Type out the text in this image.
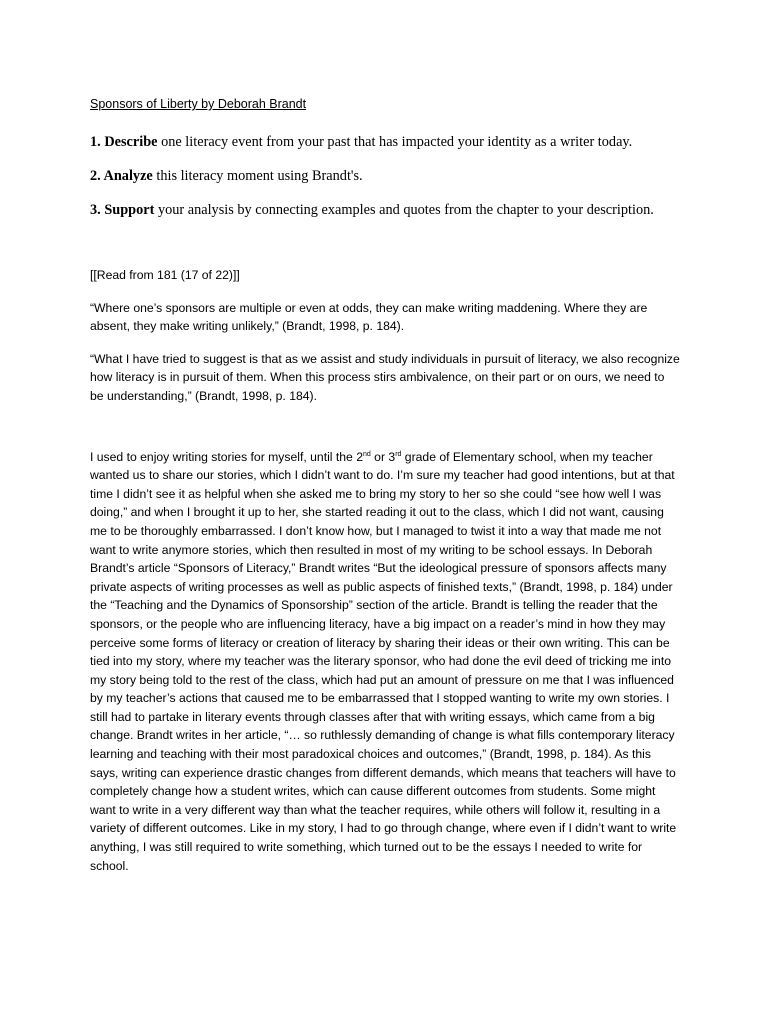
Sponsors of Liberty by Deborah Brandt

1. Describe one literacy event from your past that has impacted your identity as a writer today.

2. Analyze this literacy moment using Brandt's.

3. Support your analysis by connecting examples and quotes from the chapter to your description.

[[Read from 181 (17 of 22)]]

“Where one’s sponsors are multiple or even at odds, they can make writing maddening. Where they are absent, they make writing unlikely,” (Brandt, 1998, p. 184).

“What I have tried to suggest is that as we assist and study individuals in pursuit of literacy, we also recognize how literacy is in pursuit of them. When this process stirs ambivalence, on their part or on ours, we need to be understanding,” (Brandt, 1998, p. 184).

I used to enjoy writing stories for myself, until the 2nd or 3rd grade of Elementary school, when my teacher wanted us to share our stories, which I didn’t want to do. I’m sure my teacher had good intentions, but at that time I didn’t see it as helpful when she asked me to bring my story to her so she could “see how well I was doing,” and when I brought it up to her, she started reading it out to the class, which I did not want, causing me to be thoroughly embarrassed. I don’t know how, but I managed to twist it into a way that made me not want to write anymore stories, which then resulted in most of my writing to be school essays. In Deborah Brandt’s article “Sponsors of Literacy,” Brandt writes “But the ideological pressure of sponsors affects many private aspects of writing processes as well as public aspects of finished texts,” (Brandt, 1998, p. 184) under the “Teaching and the Dynamics of Sponsorship” section of the article. Brandt is telling the reader that the sponsors, or the people who are influencing literacy, have a big impact on a reader’s mind in how they may perceive some forms of literacy or creation of literacy by sharing their ideas or their own writing. This can be tied into my story, where my teacher was the literary sponsor, who had done the evil deed of tricking me into my story being told to the rest of the class, which had put an amount of pressure on me that I was influenced by my teacher’s actions that caused me to be embarrassed that I stopped wanting to write my own stories. I still had to partake in literary events through classes after that with writing essays, which came from a big change. Brandt writes in her article, “… so ruthlessly demanding of change is what fills contemporary literacy learning and teaching with their most paradoxical choices and outcomes,” (Brandt, 1998, p. 184). As this says, writing can experience drastic changes from different demands, which means that teachers will have to completely change how a student writes, which can cause different outcomes from students. Some might want to write in a very different way than what the teacher requires, while others will follow it, resulting in a variety of different outcomes. Like in my story, I had to go through change, where even if I didn’t want to write anything, I was still required to write something, which turned out to be the essays I needed to write for school.
